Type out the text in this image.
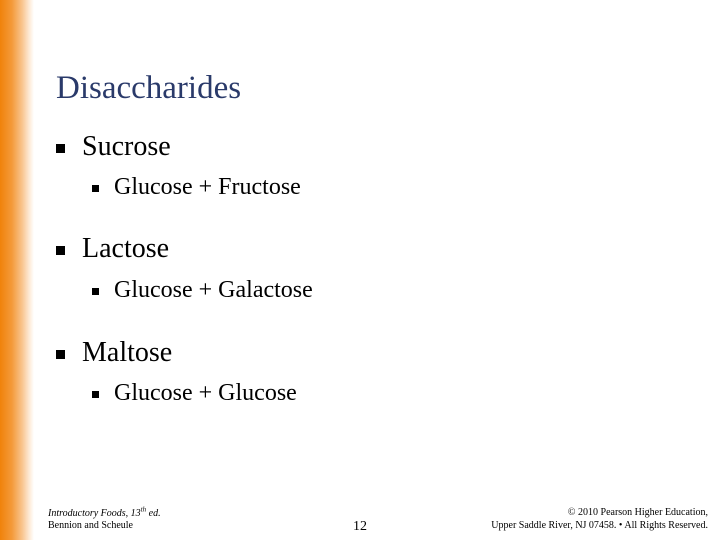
Disaccharides
Sucrose
Glucose + Fructose
Lactose
Glucose + Galactose
Maltose
Glucose + Glucose
Introductory Foods, 13th ed.
Bennion and Scheule	12
© 2010 Pearson Higher Education,
Upper Saddle River, NJ 07458. • All Rights Reserved.
